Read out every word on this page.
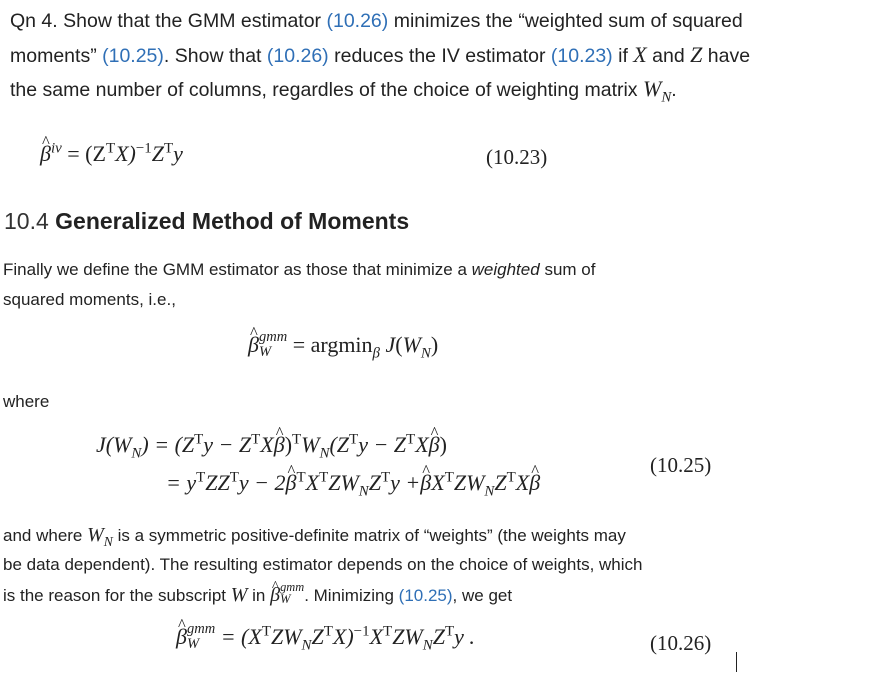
Qn 4. Show that the GMM estimator (10.26) minimizes the “weighted sum of squared
moments” (10.25). Show that (10.26) reduces the IV estimator (10.23) if X and Z have
the same number of columns, regardles of the choice of weighting matrix $W_N$.
^ $\beta^{iv} = (Z^TX)^{-1}Z^Ty$	(10.23)
10.4 Generalized Method of Moments
Finally we define the GMM estimator as those that minimize a weighted sum of
squared moments, i.e.,
^ β gmm
W = argmin$_\beta$ $J(W_N)$
where
$J(W_N) = (Z^Ty$ − $Z^TX\^{}$ $\beta)^TW_N(Z^Ty$ − $Z^TX\^{}$ β)
= $y^TZZ^Ty$ − 2^ $\beta^TX^TZW_NZ^Ty$ +^ $\beta X^TZW_NZ^TX\^{}$ β
(10.25)
and where $W_N$ is a symmetric positive-definite matrix of “weights” (the weights may
be data dependent). The resulting estimator depends on the choice of weights, which
is the reason for the subscript W in ^ β gmm
W . Minimizing (10.25), we get
^ β gmm
$W = (X^TZW_NZ^TX)^{-1}X^TZW_NZ^Ty$ .	(10.26)
